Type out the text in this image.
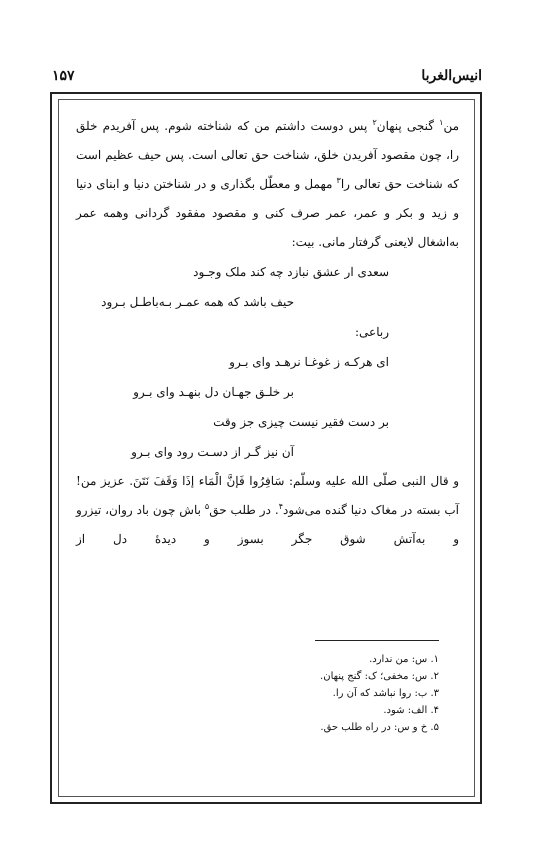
۱۵۷	انیس‌الغربا

من$^۱$ گنجی پنهان$^۲$ پس دوست داشتم من که شناخته شوم. پس آفریدم خلق را، چون مقصود آفریدن خلق، شناخت حق تعالی است. پس حیف عظیم است که شناخت حق تعالی را$^۳$ مهمل و معطّل بگذاری و در شناختن دنیا و ابنای دنیا و زید و بکر و عمر، عمر صرف کنی و مقصود مفقود گردانی وهمه عمر به‌اشغال لایعنی گرفتار مانی. بیت:

سعدی ار عشق نبازد چه کند ملک وجـود
حیف باشد که همه عمـر بـه‌باطـل بـرود
رباعی:
ای هرکـه ز غوغـا نرهـد وای بـرو
بر خلـق جهـان دل بنهـد وای بـرو
بر دست فقیر نیست چیزی جز وقت
آن نیز گـر از دسـت رود وای بـرو

و قال النبی صلّی الله علیه وسلّم: سَافِرُوا فَإنَّ الْمَاء إذَا وَقَفَ نَتَنَ. عزیز من! آب بسته در مغاک دنیا گنده می‌شود$^۴$. در طلب حق$^۵$ باش چون باد روان، تیزرو و به‌آتش شوق جگر بسوز و دیدهٔ دل از

۱. س: من ندارد.
۲. س: مخفی؛ ک: گنج پنهان.
۳. ب: روا نباشد که آن را.
۴. الف: شود.
۵. خ و س: در راه طلب حق.
